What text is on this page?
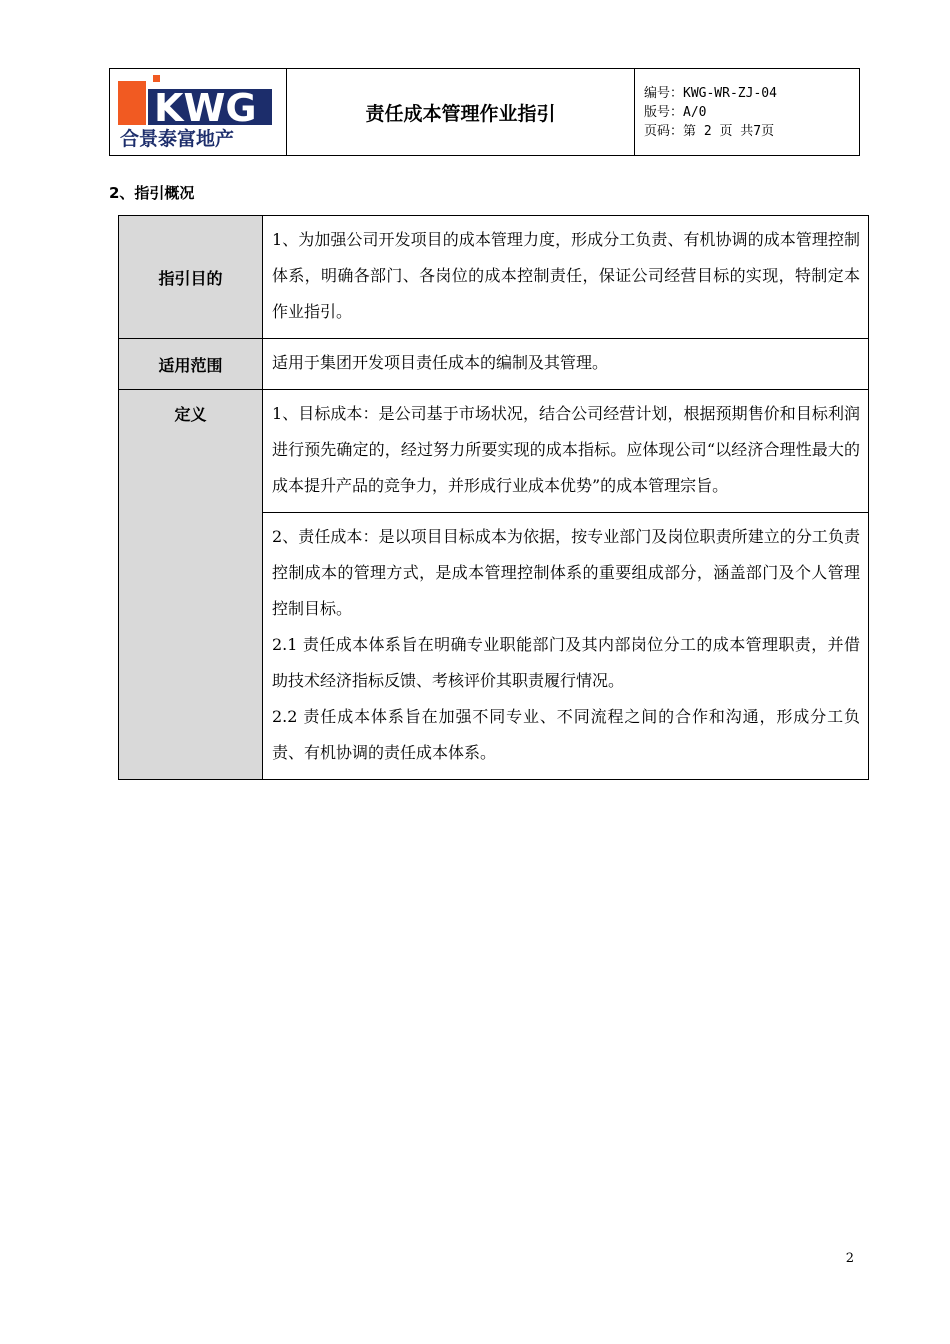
KWG
合景泰富地产
	责任成本管理作业指引	
编号：KWG-WR-ZJ-04
版号：A/0
页码：第 2 页 共7页
2、指引概况
指引目的	1、为加强公司开发项目的成本管理力度，形成分工负责、有机协调的成本管理控制体系，明确各部门、各岗位的成本控制责任，保证公司经营目标的实现，特制定本作业指引。

适用范围	适用于集团开发项目责任成本的编制及其管理。

定义	1、目标成本：是公司基于市场状况，结合公司经营计划，根据预期售价和目标利润进行预先确定的，经过努力所要实现的成本指标。应体现公司“以经济合理性最大的成本提升产品的竞争力，并形成行业成本优势”的成本管理宗旨。

	2、责任成本：是以项目目标成本为依据，按专业部门及岗位职责所建立的分工负责控制成本的管理方式，是成本管理控制体系的重要组成部分，涵盖部门及个人管理控制目标。

2.1 责任成本体系旨在明确专业职能部门及其内部岗位分工的成本管理职责，并借助技术经济指标反馈、考核评价其职责履行情况。

2.2 责任成本体系旨在加强不同专业、不同流程之间的合作和沟通，形成分工负责、有机协调的责任成本体系。

2
